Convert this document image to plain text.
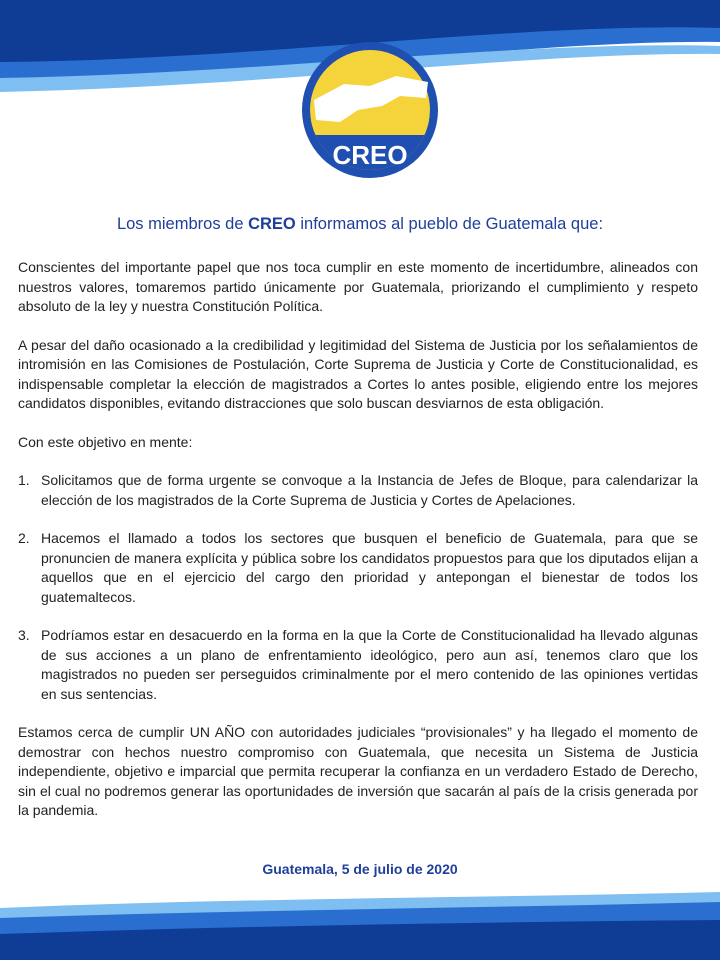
CREO
Los miembros de CREO informamos al pueblo de Guatemala que:

Conscientes del importante papel que nos toca cumplir en este momento de incertidumbre, alineados con nuestros valores, tomaremos partido únicamente por Guatemala, priorizando el cumplimiento y respeto absoluto de la ley y nuestra Constitución Política.

A pesar del daño ocasionado a la credibilidad y legitimidad del Sistema de Justicia por los señalamientos de intromisión en las Comisiones de Postulación, Corte Suprema de Justicia y Corte de Constitucionalidad, es indispensable completar la elección de magistrados a Cortes lo antes posible, eligiendo entre los mejores candidatos disponibles, evitando distracciones que solo buscan desviarnos de esta obligación.

Con este objetivo en mente:

1. Solicitamos que de forma urgente se convoque a la Instancia de Jefes de Bloque, para calendarizar la elección de los magistrados de la Corte Suprema de Justicia y Cortes de Apelaciones.
2. Hacemos el llamado a todos los sectores que busquen el beneficio de Guatemala, para que se pronuncien de manera explícita y pública sobre los candidatos propuestos para que los diputados elijan a aquellos que en el ejercicio del cargo den prioridad y antepongan el bienestar de todos los guatemaltecos.
3. Podríamos estar en desacuerdo en la forma en la que la Corte de Constitucionalidad ha llevado algunas de sus acciones a un plano de enfrentamiento ideológico, pero aun así, tenemos claro que los magistrados no pueden ser perseguidos criminalmente por el mero contenido de las opiniones vertidas en sus sentencias.

Estamos cerca de cumplir UN AÑO con autoridades judiciales “provisionales” y ha llegado el momento de demostrar con hechos nuestro compromiso con Guatemala, que necesita un Sistema de Justicia independiente, objetivo e imparcial que permita recuperar la confianza en un verdadero Estado de Derecho, sin el cual no podremos generar las oportunidades de inversión que sacarán al país de la crisis generada por la pandemia.

Guatemala, 5 de julio de 2020
